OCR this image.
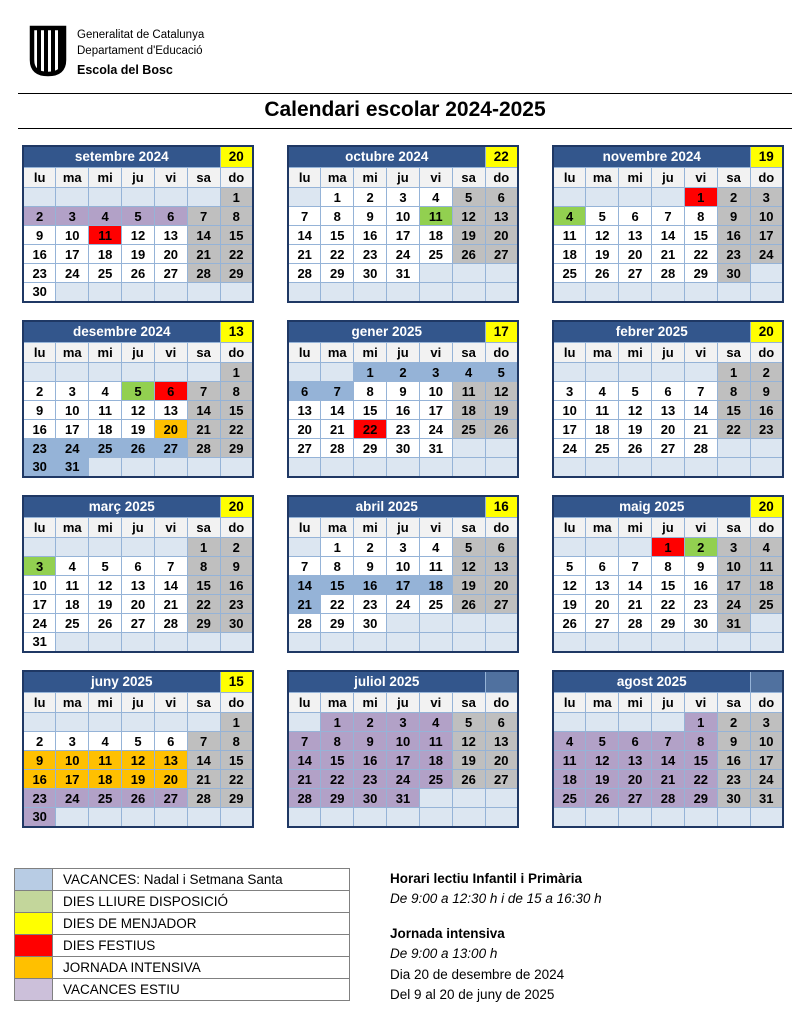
Generalitat de Catalunya
Departament d'Educació
Escola del Bosc
Calendari escolar 2024-2025
setembre 2024						20
lu	ma	mi	ju	vi	sa	do
						1
2	3	4	5	6	7	8
9	10	11	12	13	14	15
16	17	18	19	20	21	22
23	24	25	26	27	28	29
30						
octubre 2024						22
lu	ma	mi	ju	vi	sa	do
	1	2	3	4	5	6
7	8	9	10	11	12	13
14	15	16	17	18	19	20
21	22	23	24	25	26	27
28	29	30	31			

novembre 2024						19
lu	ma	mi	ju	vi	sa	do
				1	2	3
4	5	6	7	8	9	10
11	12	13	14	15	16	17
18	19	20	21	22	23	24
25	26	27	28	29	30	

desembre 2024						13
lu	ma	mi	ju	vi	sa	do
						1
2	3	4	5	6	7	8
9	10	11	12	13	14	15
16	17	18	19	20	21	22
23	24	25	26	27	28	29
30	31					
gener 2025						17
lu	ma	mi	ju	vi	sa	do
		1	2	3	4	5
6	7	8	9	10	11	12
13	14	15	16	17	18	19
20	21	22	23	24	25	26
27	28	29	30	31		

febrer 2025						20
lu	ma	mi	ju	vi	sa	do
					1	2
3	4	5	6	7	8	9
10	11	12	13	14	15	16
17	18	19	20	21	22	23
24	25	26	27	28		

març 2025						20
lu	ma	mi	ju	vi	sa	do
					1	2
3	4	5	6	7	8	9
10	11	12	13	14	15	16
17	18	19	20	21	22	23
24	25	26	27	28	29	30
31						
abril 2025						16
lu	ma	mi	ju	vi	sa	do
	1	2	3	4	5	6
7	8	9	10	11	12	13
14	15	16	17	18	19	20
21	22	23	24	25	26	27
28	29	30				

maig 2025						20
lu	ma	mi	ju	vi	sa	do
			1	2	3	4
5	6	7	8	9	10	11
12	13	14	15	16	17	18
19	20	21	22	23	24	25
26	27	28	29	30	31	

juny 2025						15
lu	ma	mi	ju	vi	sa	do
						1
2	3	4	5	6	7	8
9	10	11	12	13	14	15
16	17	18	19	20	21	22
23	24	25	26	27	28	29
30						
juliol 2025						
lu	ma	mi	ju	vi	sa	do
	1	2	3	4	5	6
7	8	9	10	11	12	13
14	15	16	17	18	19	20
21	22	23	24	25	26	27
28	29	30	31			

agost 2025						
lu	ma	mi	ju	vi	sa	do
				1	2	3
4	5	6	7	8	9	10
11	12	13	14	15	16	17
18	19	20	21	22	23	24
25	26	27	28	29	30	31

	VACANCES: Nadal i Setmana Santa
	DIES LLIURE DISPOSICIÓ
	DIES DE MENJADOR
	DIES FESTIUS
	JORNADA INTENSIVA
	VACANCES ESTIU
Horari lectiu Infantil i Primària
De 9:00 a 12:30 h i de 15 a 16:30 h
Jornada intensiva
De 9:00 a 13:00 h
Dia 20 de desembre de 2024
Del 9 al 20 de juny de 2025
